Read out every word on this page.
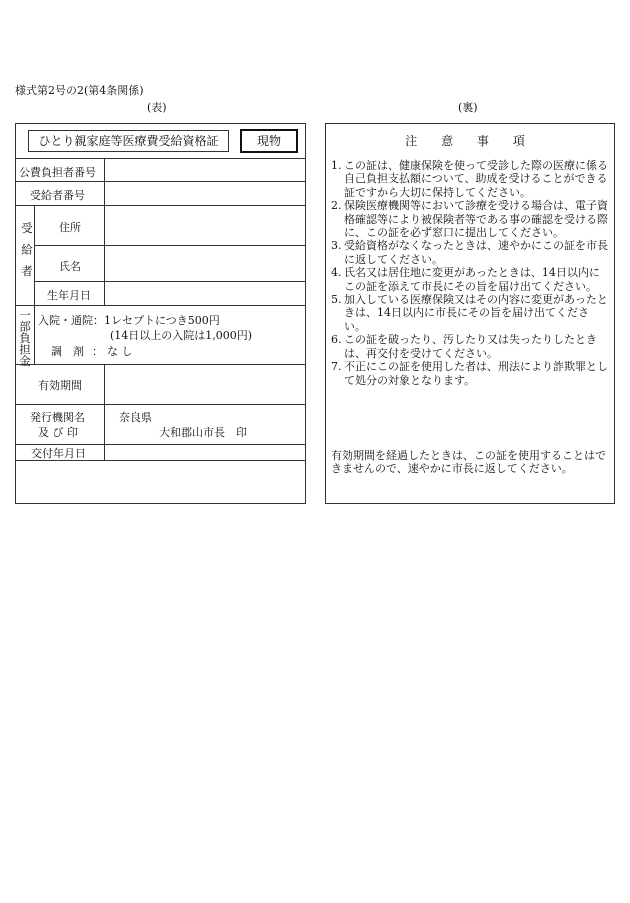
様式第2号の2(第4条関係)
(表)	(裏)
ひとり親家庭等医療費受給資格証	現物
公費負担者番号
受給者番号
受給者 住所
氏名
生年月日
一部負担金 入院・通院：1レセプトにつき500円
(14日以上の入院は1,000円)
調　剤 ： な し
有効期間
発行機関名
及 び 印
奈良県
大和郡山市長　印
交付年月日
注 意 事 項
1. この証は、健康保険を使って受診した際の医療に係る自己負担支払額について、助成を受けることができる証ですから大切に保持してください。
2. 保険医療機関等において診療を受ける場合は、電子資格確認等により被保険者等である事の確認を受ける際に、この証を必ず窓口に提出してください。
3. 受給資格がなくなったときは、速やかにこの証を市長に返してください。
4. 氏名又は居住地に変更があったときは、14日以内にこの証を添えて市長にその旨を届け出てください。
5. 加入している医療保険又はその内容に変更があったときは、14日以内に市長にその旨を届け出てください。
6. この証を破ったり、汚したり又は失ったりしたときは、再交付を受けてください。
7. 不正にこの証を使用した者は、刑法により詐欺罪として処分の対象となります。
有効期間を経過したときは、この証を使用することはできませんので、速やかに市長に返してください。
